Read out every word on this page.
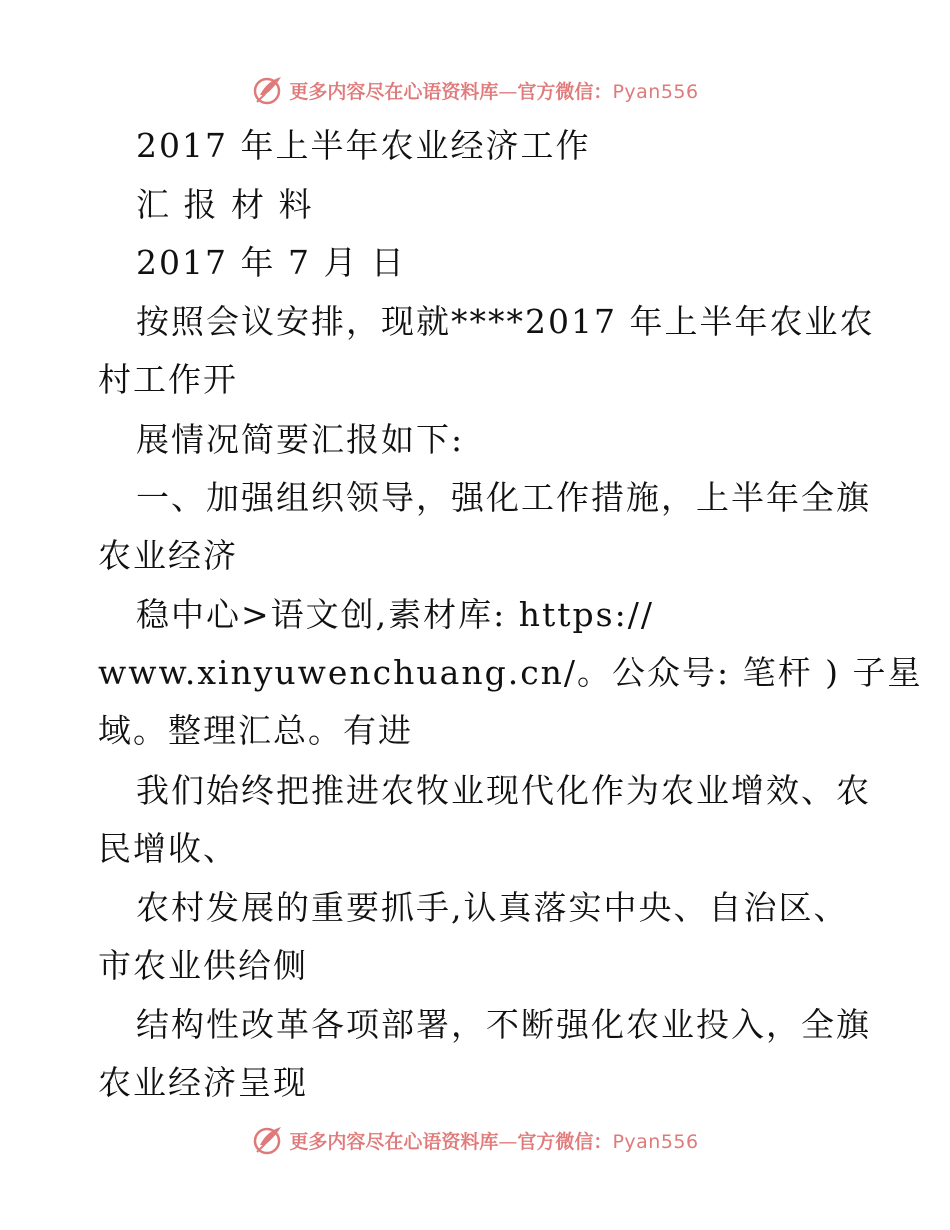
更多内容尽在心语资料库—官方微信：Pyan556
2017 年上半年农业经济工作
汇 报 材 料
2017 年 7 月 日
按照会议安排，现就****2017 年上半年农业农
村工作开
展情况简要汇报如下:
一、加强组织领导，强化工作措施，上半年全旗
农业经济
稳中心>语文创,素材库: https://
www.xinyuwenchuang.cn/。公众号: 笔杆 ) 子星
域。整理汇总。有进
我们始终把推进农牧业现代化作为农业增效、农
民增收、
农村发展的重要抓手,认真落实中央、自治区、
市农业供给侧
结构性改革各项部署，不断强化农业投入，全旗
农业经济呈现
更多内容尽在心语资料库—官方微信：Pyan556
